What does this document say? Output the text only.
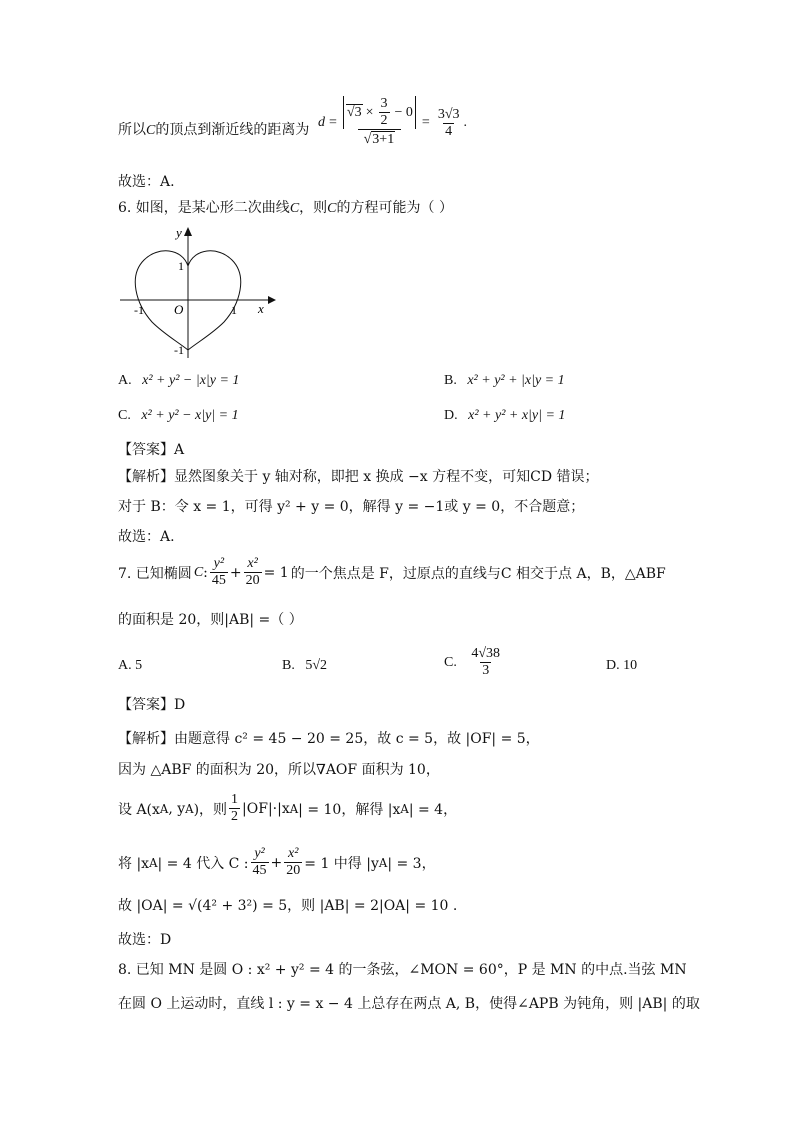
所以C的顶点到渐近线的距离为 $d = \frac{√3 \times \frac{3}{2} - 0}{√3+1} = \frac{3√3}{4}$ .
故选：A.
6. 如图，是某心形二次曲线C，则C的方程可能为（ ）
y
x
O
-1	1
1
-1
A. x² + y² − |x|y = 1	B. x² + y² + |x|y = 1
C. x² + y² − x|y| = 1	D. x² + y² + x|y| = 1
【答案】A
【解析】显然图象关于 y 轴对称，即把 x 换成 −x 方程不变，可知CD 错误；
对于 B：令 x = 1，可得 y² + y = 0，解得 y = −1或 y = 0，不合题意；
故选：A.
7. 已知椭圆 C : $\frac{\text{y²}}{45} + \frac{\text{x²}}{20} = 1$ 的一个焦点是 F，过原点的直线与C 相交于点 A，B，△ABF
的面积是 20，则|AB| =（ ）
A. 5	B. 5√2	C.
$\frac{4√38}{3}$	D. 10
【答案】D
【解析】由题意得 c² = 45 − 20 = 25，故 c = 5，故 |OF| = 5，
因为 △ABF 的面积为 20，所以∇AOF 面积为 10，
设 A(x A , y A )，则 $\frac{1}{2} |OF|\cdot|x$ A | = 10，解得 |x A | = 4，
将 |x A | = 4 代入 C : $\frac{\text{y²}}{45} + \frac{\text{x²}}{20} = 1$ 中得 |y A | = 3，
故 |OA| = √(4² + 3²) = 5，则 |AB| = 2|OA| = 10 .
故选：D
8. 已知 MN 是圆 O : x² + y² = 4 的一条弦，∠MON = 60°，P 是 MN 的中点.当弦 MN
在圆 O 上运动时，直线 l : y = x − 4 上总存在两点 A, B，使得∠APB 为钝角，则 |AB| 的取
